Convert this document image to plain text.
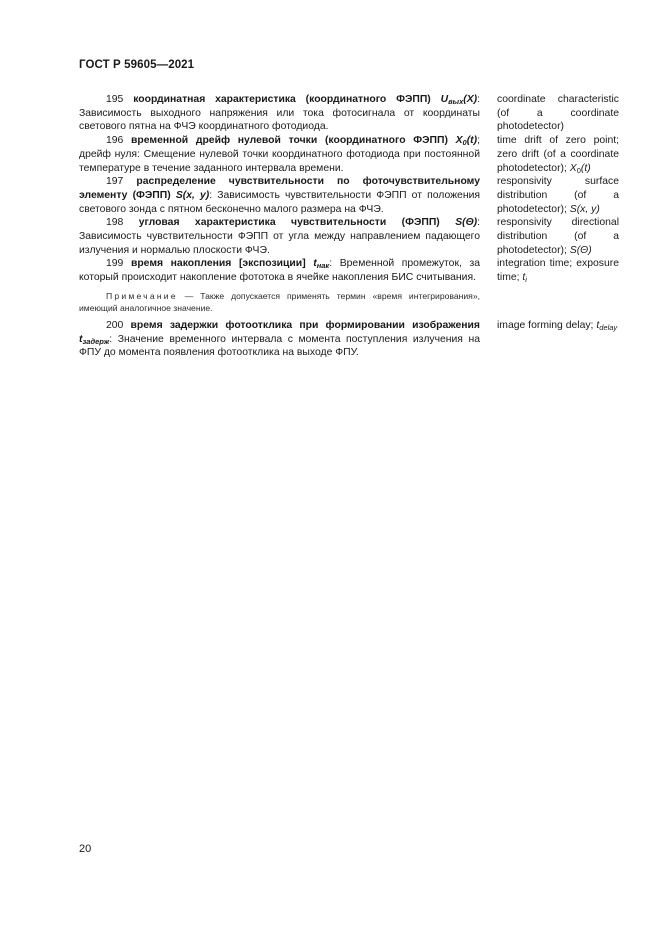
ГОСТ Р 59605—2021
195 координатная характеристика (координатного ФЭПП) $U_{вых}(X)$: Зависимость выходного напряжения или тока фотосигнала от координаты светового пятна на ФЧЭ координатного фотодиода.
coordinate characteristic (of a coordinate photodetector)
196 временной дрейф нулевой точки (координатного ФЭПП) $X_0(t)$; дрейф нуля: Смещение нулевой точки координатного фотодиода при постоянной температуре в течение заданного интервала времени.
time drift of zero point; zero drift (of a coordinate photodetector); $X_0(t)$
197 распределение чувствительности по фоточувствительному элементу (ФЭПП) S(x, y): Зависимость чувствительности ФЭПП от положения светового зонда с пятном бесконечно малого размера на ФЧЭ.
responsivity surface distribution (of a photodetector); S(x, y)
198 угловая характеристика чувствительности (ФЭПП) S(Θ): Зависимость чувствительности ФЭПП от угла между направлением падающего излучения и нормалью плоскости ФЧЭ.
responsivity directional distribution (of a photodetector); S(Θ)
199 время накопления [экспозиции] $t_{нак}$: Временной промежуток, за который происходит накопление фототока в ячейке накопления БИС считывания.
integration time; exposure time; $t_i$
Примечание — Также допускается применять термин «время интегрирования», имеющий аналогичное значение.
200 время задержки фотоотклика при формировании изображения $t_{задерж}$: Значение временного интервала с момента поступления излучения на ФПУ до момента появления фотоотклика на выходе ФПУ.
image forming delay; $t_{delay}$
20
